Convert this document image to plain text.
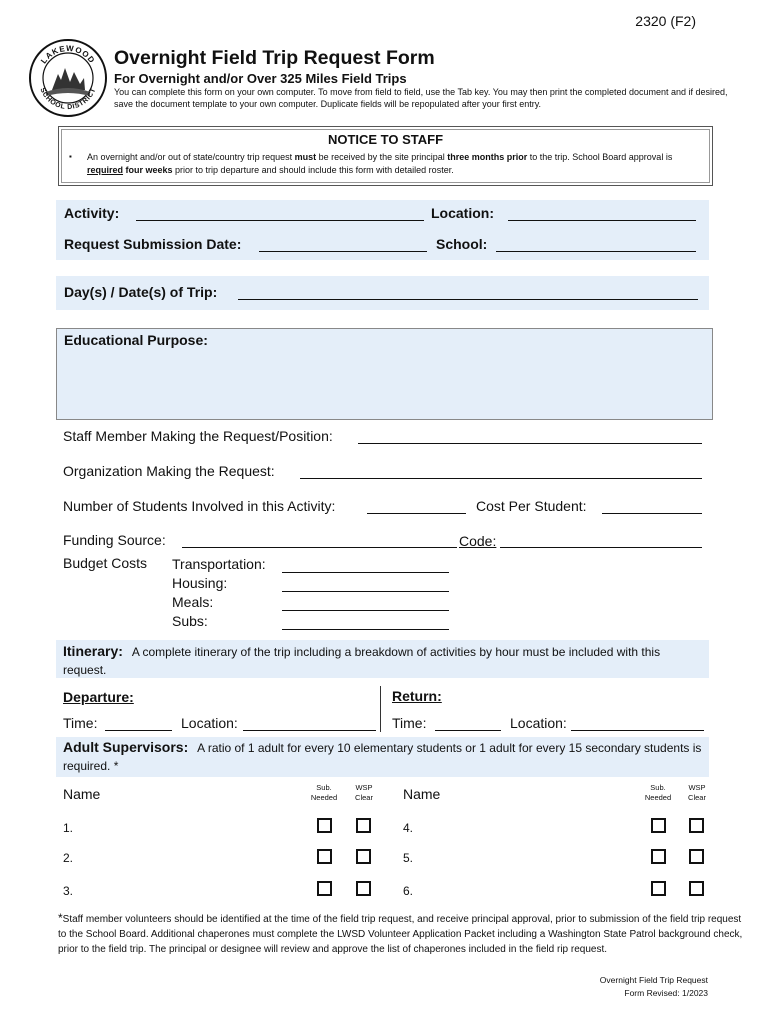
2320 (F2)
LAKEWOOD
SCHOOL DISTRICT
Overnight Field Trip Request Form
For Overnight and/or Over 325 Miles Field Trips
You can complete this form on your own computer. To move from field to field, use the Tab key. You may then print the completed document and if desired, save the document template to your own computer. Duplicate fields will be repopulated after your first entry.
NOTICE TO STAFF
▪ An overnight and/or out of state/country trip request must be received by the site principal three months prior to the trip. School Board approval is required four weeks prior to trip departure and should include this form with detailed roster.
Activity:	Location:
Request Submission Date:	School:
Day(s) / Date(s) of Trip:
Educational Purpose:
Staff Member Making the Request/Position:
Organization Making the Request:
Number of Students Involved in this Activity:	Cost Per Student:
Funding Source:	Code:
Budget Costs Transportation:
Housing:
Meals:
Subs:
Itinerary: A complete itinerary of the trip including a breakdown of activities by hour must be included with this request.
Departure:	Return:
Time:	Location:	Time:	Location:
Adult Supervisors: A ratio of 1 adult for every 10 elementary students or 1 adult for every 15 secondary students is required. *
Name	Sub.
Needed
WSP
Clear	Name	Sub.
Needed
WSP
Clear
1.	4.
2.	5.
3.	6.
*Staff member volunteers should be identified at the time of the field trip request, and receive principal approval, prior to submission of the field trip request to the School Board. Additional chaperones must complete the LWSD Volunteer Application Packet including a Washington State Patrol background check, prior to the field trip. The principal or designee will review and approve the list of chaperones included in the field rip request.
Overnight Field Trip Request
Form Revised: 1/2023
